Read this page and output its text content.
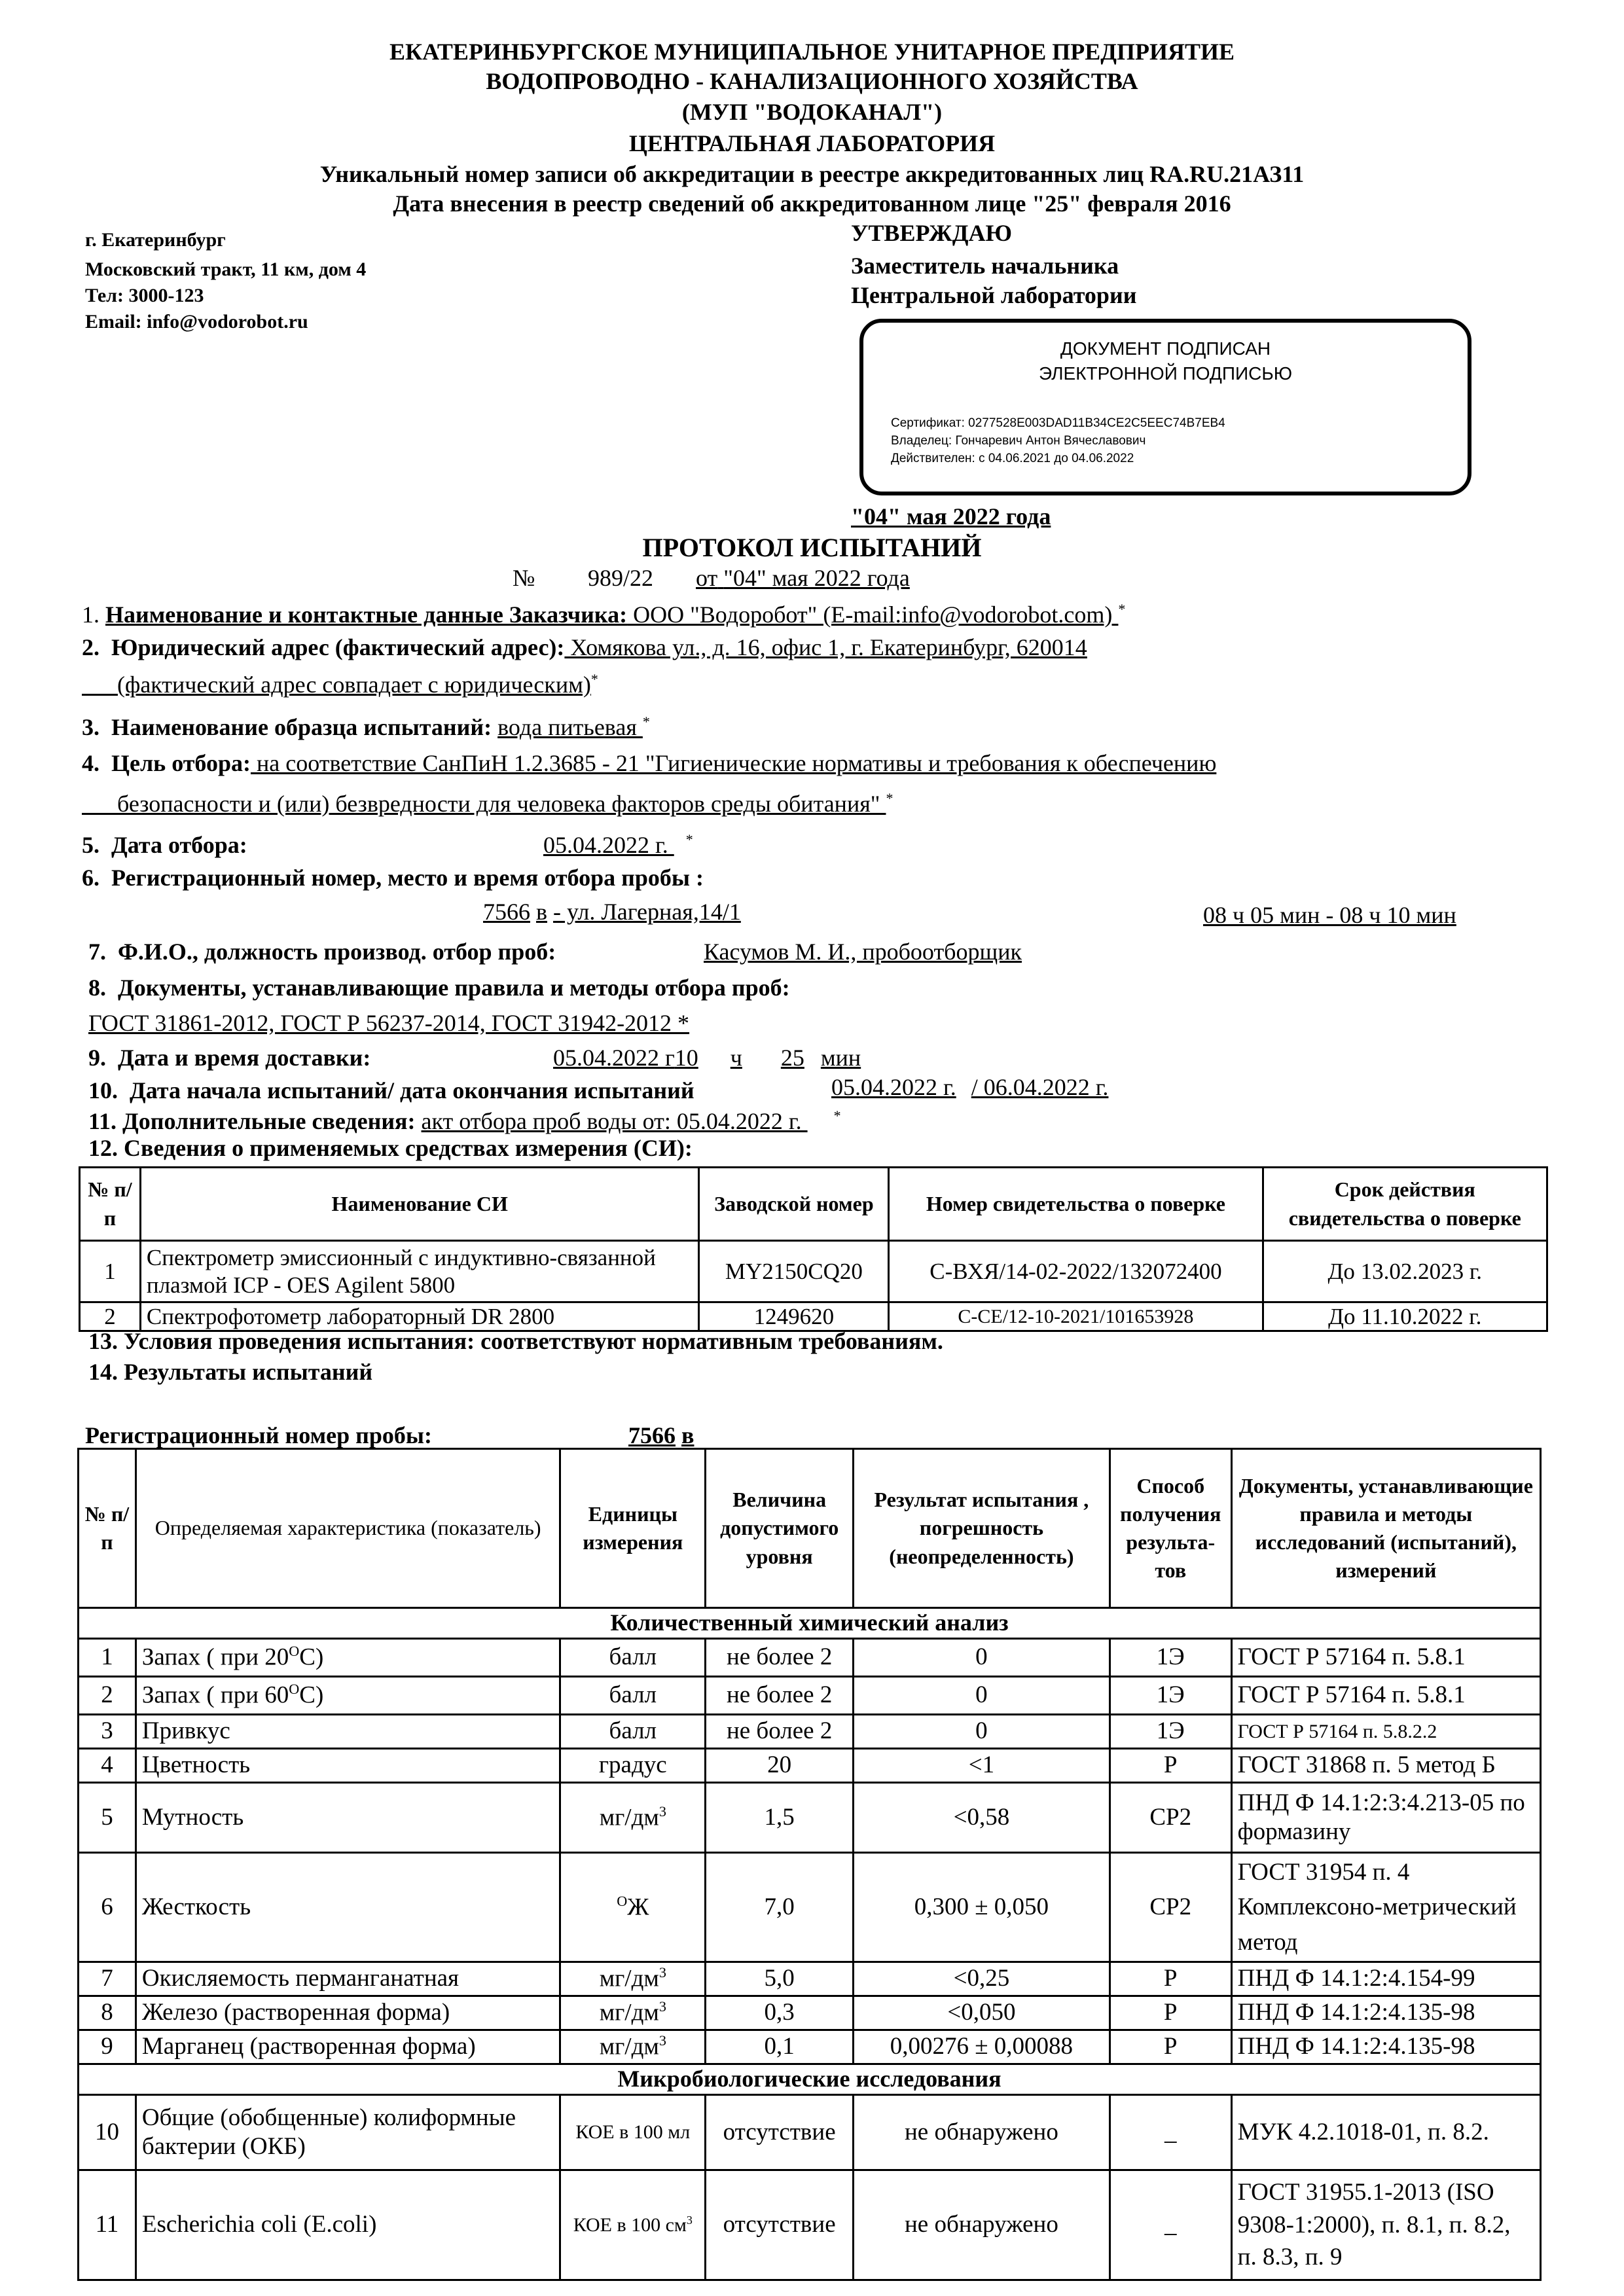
ЕКАТЕРИНБУРГСКОЕ МУНИЦИПАЛЬНОЕ УНИТАРНОЕ ПРЕДПРИЯТИЕ
ВОДОПРОВОДНО - КАНАЛИЗАЦИОННОГО ХОЗЯЙСТВА
(МУП "ВОДОКАНАЛ")
ЦЕНТРАЛЬНАЯ ЛАБОРАТОРИЯ
Уникальный номер записи об аккредитации в реестре аккредитованных лиц RA.RU.21АЗ11
Дата внесения в реестр сведений об аккредитованном лице "25" февраля 2016
г. Екатеринбург
Московский тракт, 11 км, дом 4
Тел: 3000-123
Email: info@vodorobot.ru
УТВЕРЖДАЮ
Заместитель начальника
Центральной лаборатории
ДОКУМЕНТ ПОДПИСАН
ЭЛЕКТРОННОЙ ПОДПИСЬЮ
Сертификат: 0277528E003DAD11B34CE2C5EEC74B7EB4
Владелец: Гончаревич Антон Вячеславович
Действителен: с 04.06.2021 до 04.06.2022
"04" мая 2022 года
ПРОТОКОЛ ИСПЫТАНИЙ
№ 989/22 от "04" мая 2022 года
1. Наименование и контактные данные Заказчика: ООО "Водоробот" (E-mail:info@vodorobot.com) *
2. Юридический адрес (фактический адрес): Хомякова ул., д. 16, офис 1, г. Екатеринбург, 620014
(фактический адрес совпадает с юридическим)*
3. Наименование образца испытаний: вода питьевая *
4. Цель отбора: на соответствие СанПиН 1.2.3685 - 21 "Гигиенические нормативы и требования к обеспечению
безопасности и (или) безвредности для человека факторов среды обитания" *
5. Дата отбора:	05.04.2022 г. *
6. Регистрационный номер, место и время отбора пробы :
7566 в - ул. Лагерная,14/1	08 ч 05 мин - 08 ч 10 мин
7. Ф.И.О., должность производ. отбор проб:	Касумов М. И., пробоотборщик
8. Документы, устанавливающие правила и методы отбора проб:
ГОСТ 31861-2012, ГОСТ Р 56237-2014, ГОСТ 31942-2012 *
9. Дата и время доставки:	05.04.2022 г10 ч 25 мин
10. Дата начала испытаний/ дата окончания испытаний	05.04.2022 г. / 06.04.2022 г.
11. Дополнительные сведения: акт отбора проб воды от: 05.04.2022 г. *
12. Сведения о применяемых средствах измерения (СИ):
№ п/п	Наименование СИ	Заводской номер	Номер свидетельства о поверке	Срок действия свидетельства о поверке
1	Спектрометр эмиссионный с индуктивно-связанной плазмой ICP - OES Agilent 5800	MY2150CQ20	С-ВХЯ/14-02-2022/132072400	До 13.02.2023 г.
2	Спектрофотометр лабораторный DR 2800	1249620	С-СЕ/12-10-2021/101653928	До 11.10.2022 г.
13. Условия проведения испытания: соответствуют нормативным требованиям.
14. Результаты испытаний
Регистрационный номер пробы:	7566 в
№ п/п	Определяемая характеристика (показатель)	Единицы измерения	Величина допустимого уровня	Результат испытания , погрешность (неопределенность)	Способ получения результа-тов	Документы, устанавливающие правила и методы исследований (испытаний), измерений
Количественный химический анализ						
1	Запах ( при $20^ОС$)	балл	не более 2	0	1Э	ГОСТ Р 57164 п. 5.8.1
2	Запах ( при $60^ОС$)	балл	не более 2	0	1Э	ГОСТ Р 57164 п. 5.8.1
3	Привкус	балл	не более 2	0	1Э	ГОСТ Р 57164 п. 5.8.2.2
4	Цветность	градус	20	<1	Р	ГОСТ 31868 п. 5 метод Б
5	Мутность	$мг/дм^3$	1,5	<0,58	СР2	ПНД Ф 14.1:2:3:4.213-05 по формазину
6	Жесткость	$^О$Ж	7,0	0,300 ± 0,050	СР2	ГОСТ 31954 п. 4 Комплексоно-метрический метод
7	Окисляемость перманганатная	$мг/дм^3$	5,0	<0,25	Р	ПНД Ф 14.1:2:4.154-99
8	Железо (растворенная форма)	$мг/дм^3$	0,3	<0,050	Р	ПНД Ф 14.1:2:4.135-98
9	Марганец (растворенная форма)	$мг/дм^3$	0,1	0,00276 ± 0,00088	Р	ПНД Ф 14.1:2:4.135-98
Микробиологические исследования						
10	Общие (обобщенные) колиформные бактерии (ОКБ)	КОЕ в 100 мл	отсутствие	не обнаружено	_	МУК 4.2.1018-01, п. 8.2.
11	Escherichia coli (E.coli)	КОЕ в 100 $см^3$	отсутствие	не обнаружено	_	ГОСТ 31955.1-2013 (ISO 9308-1:2000), п. 8.1, п. 8.2, п. 8.3, п. 9
